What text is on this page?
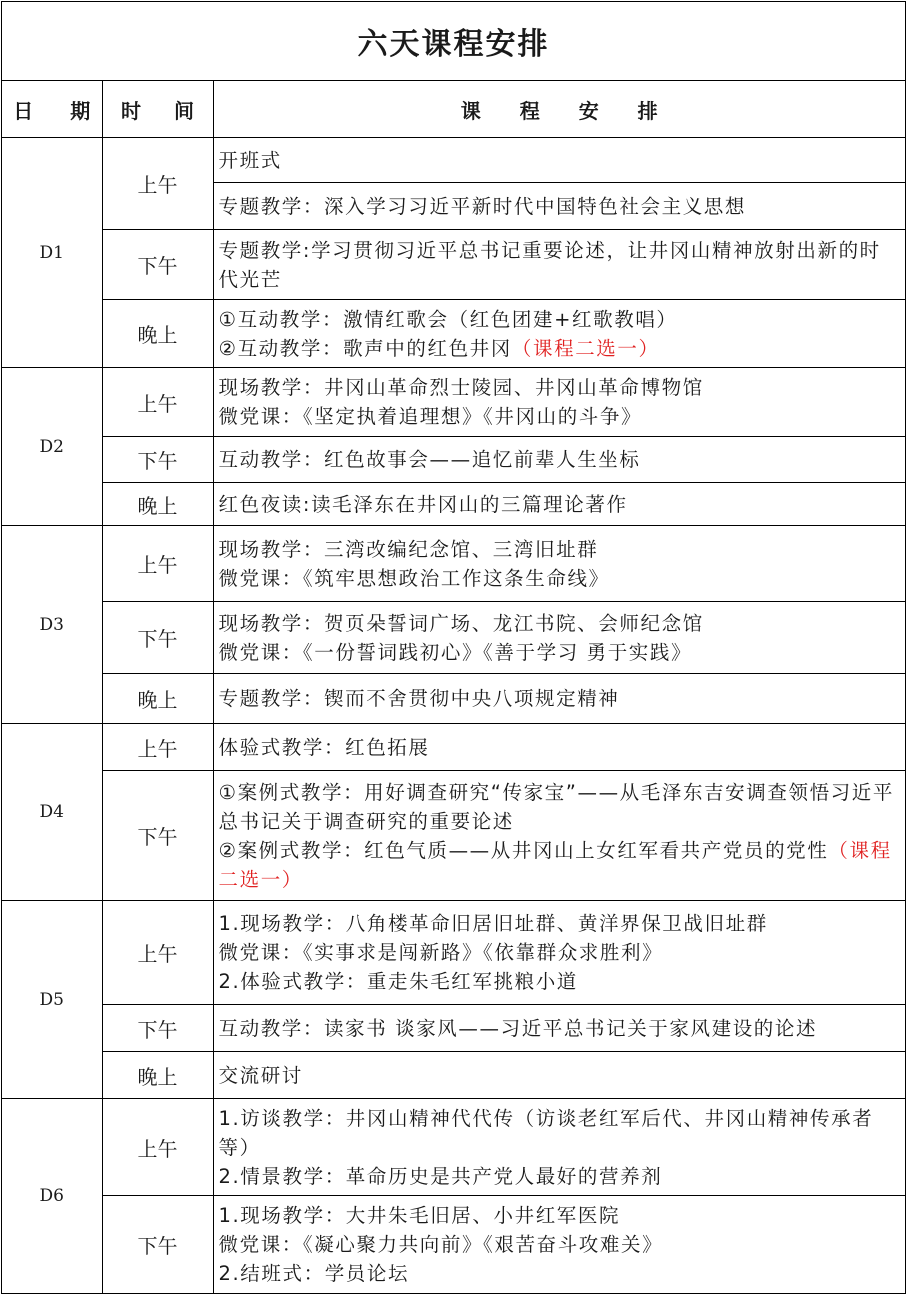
六天课程安排
日 期	时 间	课 程 安 排
D1	上午	开班式

		专题教学：深入学习习近平新时代中国特色社会主义思想

	下午	专题教学:学习贯彻习近平总书记重要论述，让井冈山精神放射出新的时代光芒

	晚上	①互动教学：激情红歌会（红色团建+红歌教唱）
②互动教学：歌声中的红色井冈（课程二选一）

D2	上午	现场教学：井冈山革命烈士陵园、井冈山革命博物馆
微党课：《坚定执着追理想》《井冈山的斗争》

	下午	互动教学：红色故事会——追忆前辈人生坐标

	晚上	红色夜读:读毛泽东在井冈山的三篇理论著作

D3	上午	现场教学：三湾改编纪念馆、三湾旧址群
微党课：《筑牢思想政治工作这条生命线》

	下午	现场教学：贺页朵誓词广场、龙江书院、会师纪念馆
微党课：《一份誓词践初心》《善于学习 勇于实践》

	晚上	专题教学：锲而不舍贯彻中央八项规定精神

D4	上午	体验式教学：红色拓展

	下午	①案例式教学：用好调查研究“传家宝”——从毛泽东吉安调查领悟习近平总书记关于调查研究的重要论述
②案例式教学：红色气质——从井冈山上女红军看共产党员的党性（课程二选一）

D5	上午	1.现场教学：八角楼革命旧居旧址群、黄洋界保卫战旧址群
微党课：《实事求是闯新路》《依靠群众求胜利》
2.体验式教学：重走朱毛红军挑粮小道

	下午	互动教学：读家书 谈家风——习近平总书记关于家风建设的论述

	晚上	交流研讨

D6	上午	1.访谈教学：井冈山精神代代传（访谈老红军后代、井冈山精神传承者等）
2.情景教学：革命历史是共产党人最好的营养剂

	下午	1.现场教学：大井朱毛旧居、小井红军医院
微党课：《凝心聚力共向前》《艰苦奋斗攻难关》
2.结班式：学员论坛
